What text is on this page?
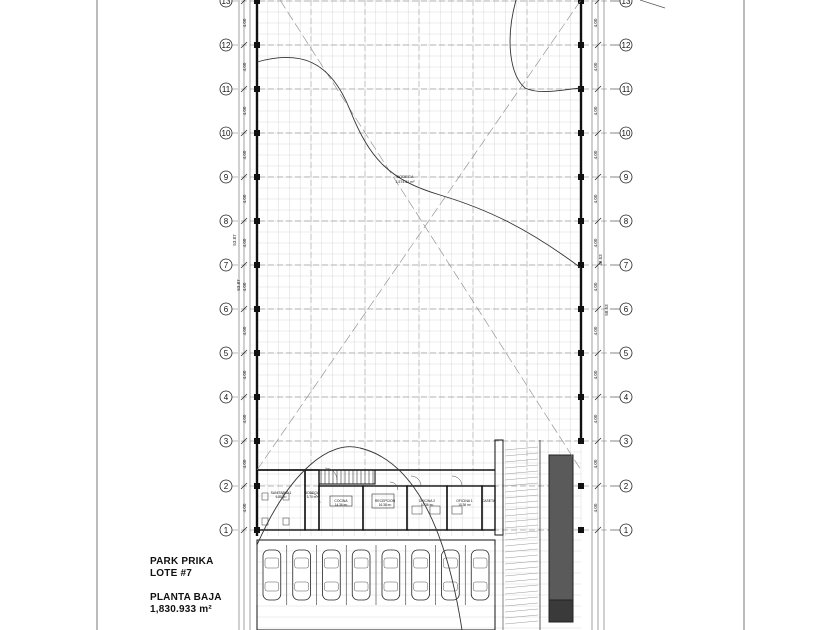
1	1
2	2
3	3
4	4
5	5
6	6
7	7
8	8
9	9
10	10
11	11
12	12
13	13
SANITARIO 1
6.85 m²
BODEGA
3.70 m²
COCINA
14.36 m²
RECEPCION
16.38 m²
OFICINA 2
10.36 m²
OFICINA 1
10.36 m²
CASETA
4.00	4.00
4.00	4.00
4.00	4.00
4.00	4.00
4.00	4.00
4.00	4.00
4.00	4.00
4.00	4.00
4.00	4.00
4.00	4.00
4.00	4.00
4.00	4.00
53.87
53.87
48.53
58.53
BODEGA
1,574.61 m²
PARK PRIKA
LOTE #7
PLANTA BAJA
1,830.933 m²
